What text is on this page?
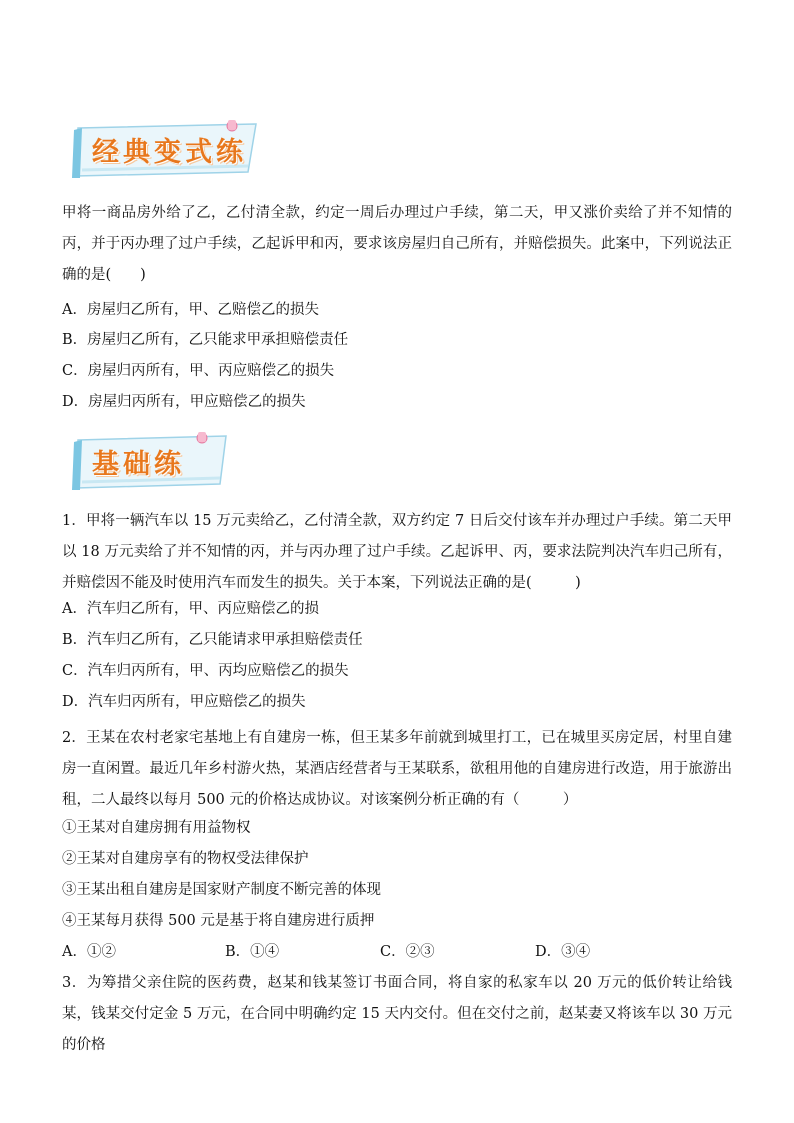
经典变式练
甲将一商品房外给了乙，乙付清全款，约定一周后办理过户手续，第二天，甲又涨价卖给了并不知情的丙，并于丙办理了过户手续，乙起诉甲和丙，要求该房屋归自己所有，并赔偿损失。此案中，下列说法正确的是(　　)
A．房屋归乙所有，甲、乙赔偿乙的损失
B．房屋归乙所有，乙只能求甲承担赔偿责任
C．房屋归丙所有，甲、丙应赔偿乙的损失
D．房屋归丙所有，甲应赔偿乙的损失
基础练
1．甲将一辆汽车以 15 万元卖给乙，乙付清全款，双方约定 7 日后交付该车并办理过户手续。第二天甲以 18 万元卖给了并不知情的丙，并与丙办理了过户手续。乙起诉甲、丙，要求法院判决汽车归己所有，并赔偿因不能及时使用汽车而发生的损失。关于本案，下列说法正确的是(　　　)
A．汽车归乙所有，甲、丙应赔偿乙的损
B．汽车归乙所有，乙只能请求甲承担赔偿责任
C．汽车归丙所有，甲、丙均应赔偿乙的损失
D．汽车归丙所有，甲应赔偿乙的损失
2．王某在农村老家宅基地上有自建房一栋，但王某多年前就到城里打工，已在城里买房定居，村里自建房一直闲置。最近几年乡村游火热，某酒店经营者与王某联系，欲租用他的自建房进行改造，用于旅游出租，二人最终以每月 500 元的价格达成协议。对该案例分析正确的有（　　　）
①王某对自建房拥有用益物权
②王某对自建房享有的物权受法律保护
③王某出租自建房是国家财产制度不断完善的体现
④王某每月获得 500 元是基于将自建房进行质押
A．①②	B．①④	C．②③	D．③④
3．为筹措父亲住院的医药费，赵某和钱某签订书面合同，将自家的私家车以 20 万元的低价转让给钱某，钱某交付定金 5 万元，在合同中明确约定 15 天内交付。但在交付之前，赵某妻又将该车以 30 万元的价格
